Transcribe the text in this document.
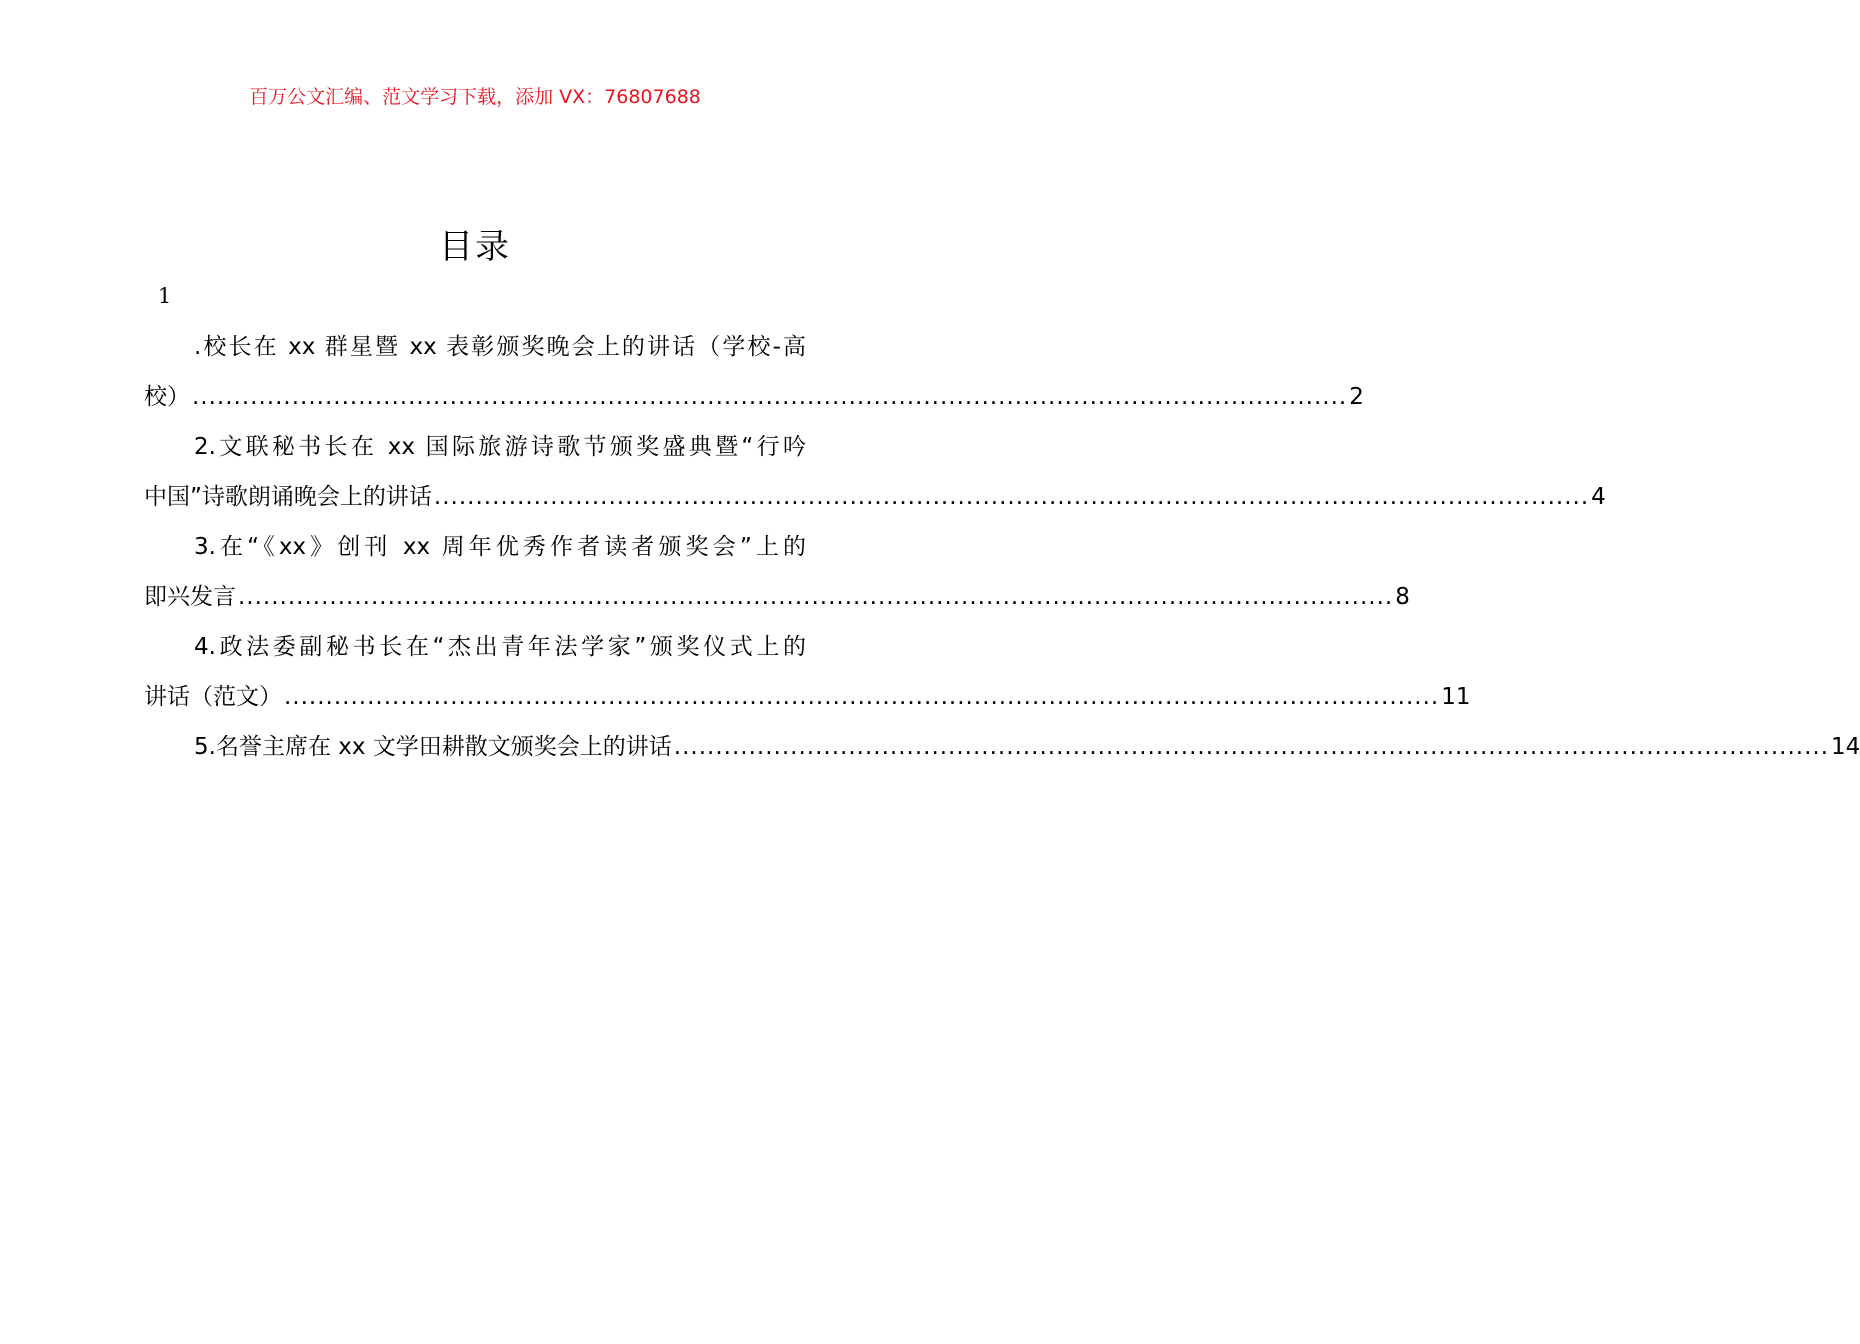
百万公文汇编、范文学习下载，添加 VX：76807688
目录
1
.校长在 xx 群星暨 xx 表彰颁奖晚会上的讲话（学校-高
校） ........................................................................................................................................... 2
2.文联秘书长在 xx 国际旅游诗歌节颁奖盛典暨“行吟
中国”诗歌朗诵晚会上的讲话 ........................................................................................................................................... 4
3.在“《xx》创刊 xx 周年优秀作者读者颁奖会”上的
即兴发言 ........................................................................................................................................... 8
4.政法委副秘书长在“杰出青年法学家”颁奖仪式上的
讲话（范文） ........................................................................................................................................... 11
5.名誉主席在 xx 文学田耕散文颁奖会上的讲话 ........................................................................................................................................... 14
